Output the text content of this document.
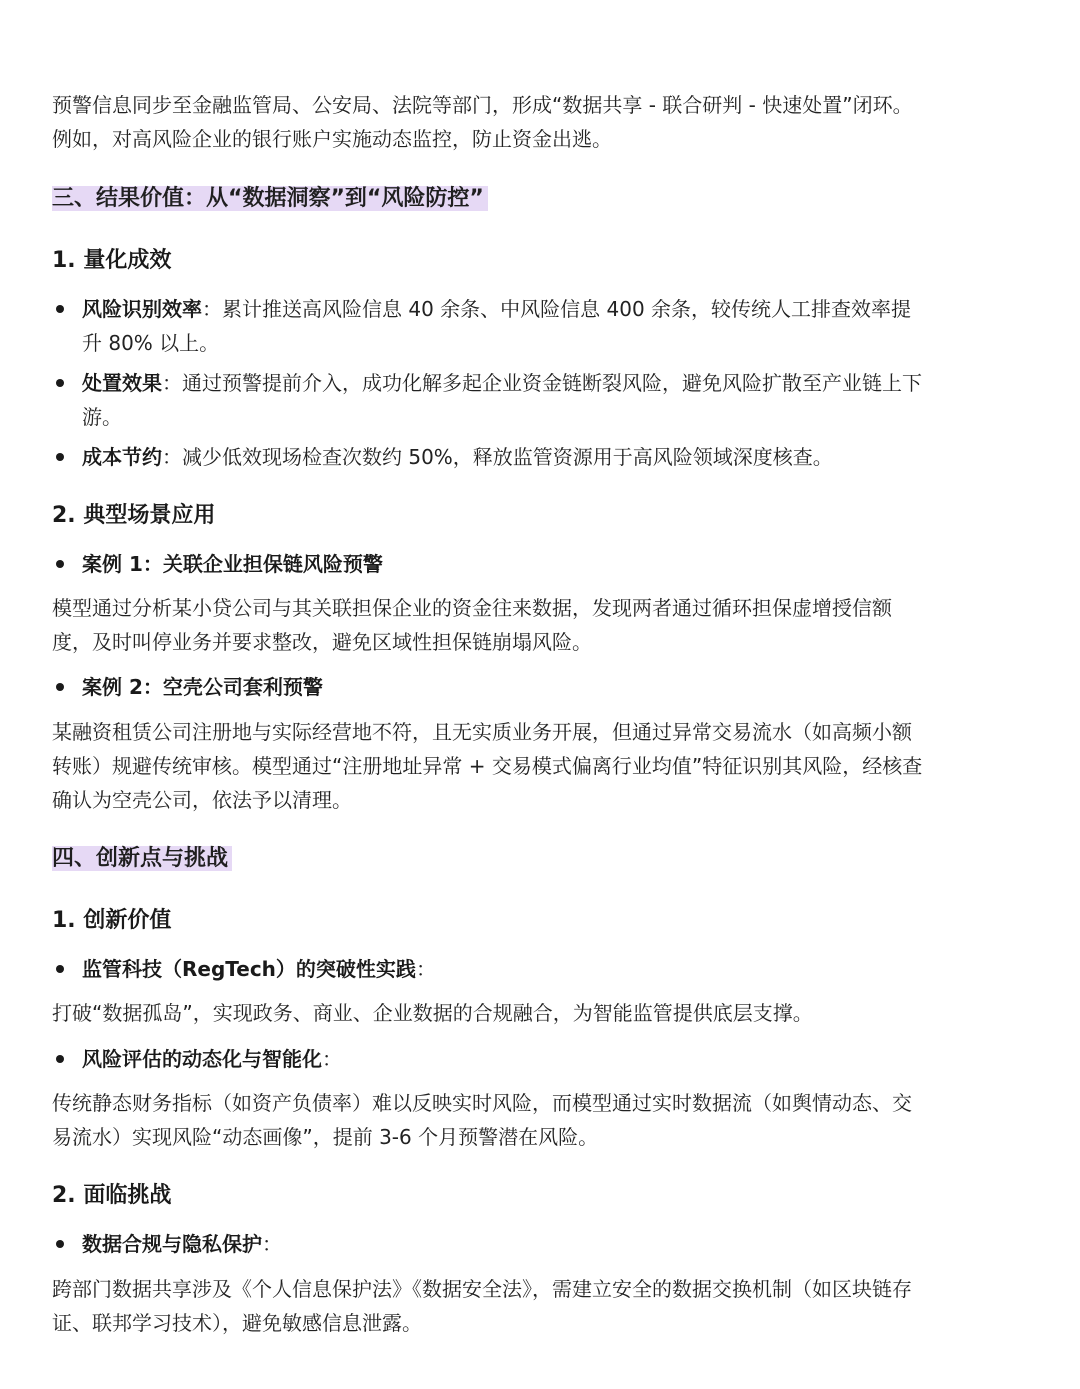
预警信息同步至金融监管局、公安局、法院等部门，形成“数据共享 - 联合研判 - 快速处置”闭环。例如，对高风险企业的银行账户实施动态监控，防止资金出逃。

三、结果价值：从“数据洞察”到“风险防控”
1. 量化成效
风险识别效率：累计推送高风险信息 40 余条、中风险信息 400 余条，较传统人工排查效率提升 80% 以上。
处置效果：通过预警提前介入，成功化解多起企业资金链断裂风险，避免风险扩散至产业链上下游。
成本节约：减少低效现场检查次数约 50%，释放监管资源用于高风险领域深度核查。
2. 典型场景应用
案例 1：关联企业担保链风险预警

模型通过分析某小贷公司与其关联担保企业的资金往来数据，发现两者通过循环担保虚增授信额度，及时叫停业务并要求整改，避免区域性担保链崩塌风险。

案例 2：空壳公司套利预警

某融资租赁公司注册地与实际经营地不符，且无实质业务开展，但通过异常交易流水（如高频小额转账）规避传统审核。模型通过“注册地址异常 + 交易模式偏离行业均值”特征识别其风险，经核查确认为空壳公司，依法予以清理。

四、创新点与挑战
1. 创新价值
监管科技（RegTech）的突破性实践：

打破“数据孤岛”，实现政务、商业、企业数据的合规融合，为智能监管提供底层支撑。

风险评估的动态化与智能化：

传统静态财务指标（如资产负债率）难以反映实时风险，而模型通过实时数据流（如舆情动态、交易流水）实现风险“动态画像”，提前 3-6 个月预警潜在风险。

2. 面临挑战
数据合规与隐私保护：

跨部门数据共享涉及《个人信息保护法》《数据安全法》，需建立安全的数据交换机制（如区块链存证、联邦学习技术），避免敏感信息泄露。
